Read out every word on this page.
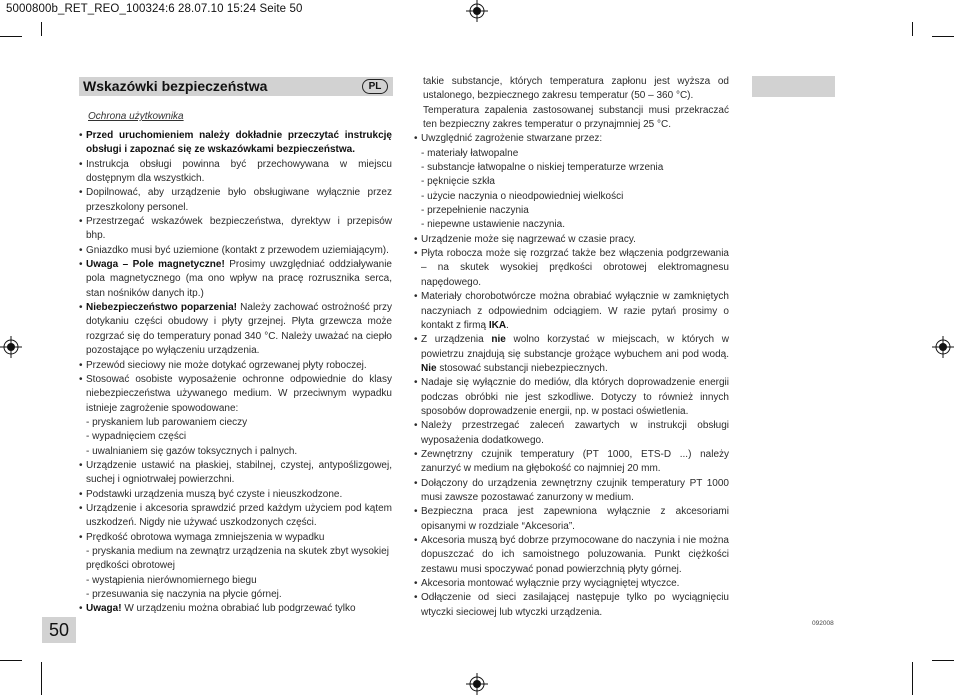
5000800b_RET_REO_100324:6 28.07.10 15:24 Seite 50
Wskazówki bezpieczeństwa	PL
Ochrona użytkownika
• Przed uruchomieniem należy dokładnie przeczytać instrukcję obsługi i zapoznać się ze wskazówkami bezpieczeństwa.
• Instrukcja obsługi powinna być przechowywana w miejscu dostępnym dla wszystkich.
• Dopilnować, aby urządzenie było obsługiwane wyłącznie przez przeszkolony personel.
• Przestrzegać wskazówek bezpieczeństwa, dyrektyw i przepisów bhp.
• Gniazdko musi być uziemione (kontakt z przewodem uziemiającym).
• Uwaga – Pole magnetyczne! Prosimy uwzględniać oddziaływanie pola magnetycznego (ma ono wpływ na pracę rozrusznika serca, stan nośników danych itp.)
• Niebezpieczeństwo poparzenia! Należy zachować ostrożność przy dotykaniu części obudowy i płyty grzejnej. Płyta grzewcza może rozgrzać się do temperatury ponad 340 °C. Należy uważać na ciepło pozostające po wyłączeniu urządzenia.
• Przewód sieciowy nie może dotykać ogrzewanej płyty roboczej.
• Stosować osobiste wyposażenie ochronne odpowiednie do klasy niebezpieczeństwa używanego medium. W przeciwnym wypadku istnieje zagrożenie spowodowane:
- pryskaniem lub parowaniem cieczy
- wypadnięciem części
- uwalnianiem się gazów toksycznych i palnych.
• Urządzenie ustawić na płaskiej, stabilnej, czystej, antypoślizgowej, suchej i ogniotrwałej powierzchni.
• Podstawki urządzenia muszą być czyste i nieuszkodzone.
• Urządzenie i akcesoria sprawdzić przed każdym użyciem pod kątem uszkodzeń. Nigdy nie używać uszkodzonych części.
• Prędkość obrotowa wymaga zmniejszenia w wypadku
- pryskania medium na zewnątrz urządzenia na skutek zbyt wysokiej prędkości obrotowej
- wystąpienia nierównomiernego biegu
- przesuwania się naczynia na płycie górnej.
• Uwaga! W urządzeniu można obrabiać lub podgrzewać tylko
takie substancje, których temperatura zapłonu jest wyższa od ustalonego, bezpiecznego zakresu temperatur (50 – 360 °C).
Temperatura zapalenia zastosowanej substancji musi przekraczać ten bezpieczny zakres temperatur o przynajmniej 25 °C.
• Uwzględnić zagrożenie stwarzane przez:
- materiały łatwopalne
- substancje łatwopalne o niskiej temperaturze wrzenia
- pęknięcie szkła
- użycie naczynia o nieodpowiedniej wielkości
- przepełnienie naczynia
- niepewne ustawienie naczynia.
• Urządzenie może się nagrzewać w czasie pracy.
• Płyta robocza może się rozgrzać także bez włączenia podgrzewania – na skutek wysokiej prędkości obrotowej elektromagnesu napędowego.
• Materiały chorobotwórcze można obrabiać wyłącznie w zamkniętych naczyniach z odpowiednim odciągiem. W razie pytań prosimy o kontakt z firmą IKA.
• Z urządzenia nie wolno korzystać w miejscach, w których w powietrzu znajdują się substancje grożące wybuchem ani pod wodą. Nie stosować substancji niebezpiecznych.
• Nadaje się wyłącznie do mediów, dla których doprowadzenie energii podczas obróbki nie jest szkodliwe. Dotyczy to również innych sposobów doprowadzenie energii, np. w postaci oświetlenia.
• Należy przestrzegać zaleceń zawartych w instrukcji obsługi wyposażenia dodatkowego.
• Zewnętrzny czujnik temperatury (PT 1000, ETS-D ...) należy zanurzyć w medium na głębokość co najmniej 20 mm.
• Dołączony do urządzenia zewnętrzny czujnik temperatury PT 1000 musi zawsze pozostawać zanurzony w medium.
• Bezpieczna praca jest zapewniona wyłącznie z akcesoriami opisanymi w rozdziale “Akcesoria”.
• Akcesoria muszą być dobrze przymocowane do naczynia i nie można dopuszczać do ich samoistnego poluzowania. Punkt ciężkości zestawu musi spoczywać ponad powierzchnią płyty górnej.
• Akcesoria montować wyłącznie przy wyciągniętej wtyczce.
• Odłączenie od sieci zasilającej następuje tylko po wyciągnięciu wtyczki sieciowej lub wtyczki urządzenia.
50	092008
